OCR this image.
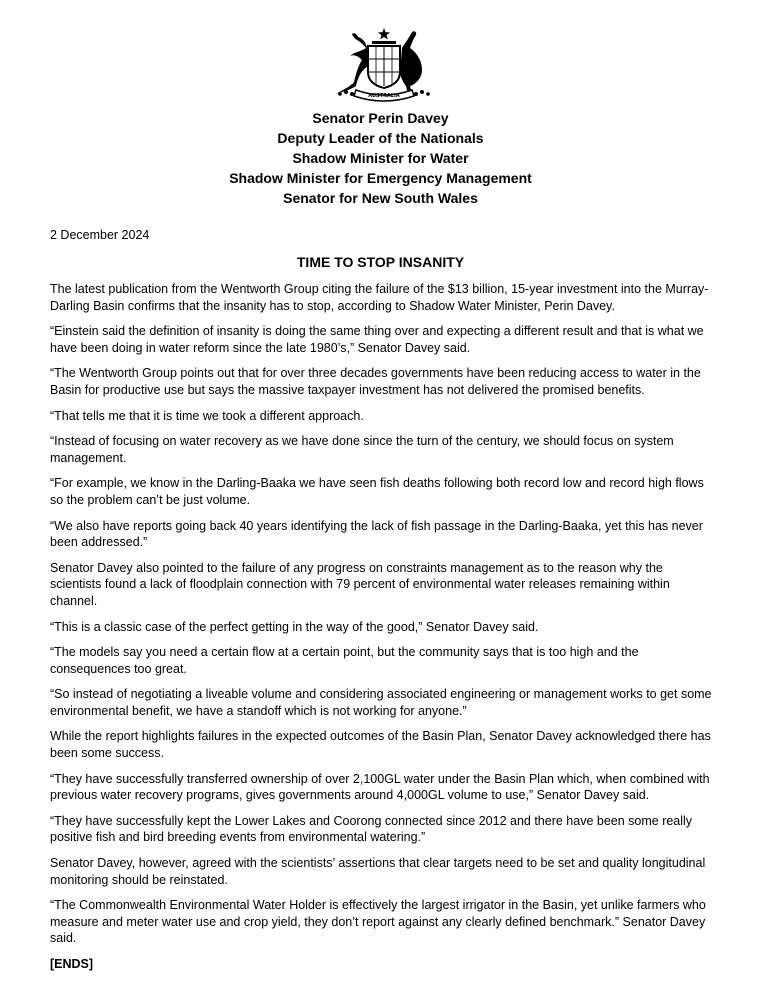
AUSTRALIA
Senator Perin Davey
Deputy Leader of the Nationals
Shadow Minister for Water
Shadow Minister for Emergency Management
Senator for New South Wales
2 December 2024
TIME TO STOP INSANITY

The latest publication from the Wentworth Group citing the failure of the $13 billion, 15-year investment into the Murray-Darling Basin confirms that the insanity has to stop, according to Shadow Water Minister, Perin Davey.

“Einstein said the definition of insanity is doing the same thing over and expecting a different result and that is what we have been doing in water reform since the late 1980’s,” Senator Davey said.

“The Wentworth Group points out that for over three decades governments have been reducing access to water in the Basin for productive use but says the massive taxpayer investment has not delivered the promised benefits.

“That tells me that it is time we took a different approach.

“Instead of focusing on water recovery as we have done since the turn of the century, we should focus on system management.

“For example, we know in the Darling-Baaka we have seen fish deaths following both record low and record high flows so the problem can’t be just volume.

“We also have reports going back 40 years identifying the lack of fish passage in the Darling-Baaka, yet this has never been addressed.”

Senator Davey also pointed to the failure of any progress on constraints management as to the reason why the scientists found a lack of floodplain connection with 79 percent of environmental water releases remaining within channel.

“This is a classic case of the perfect getting in the way of the good,” Senator Davey said.

“The models say you need a certain flow at a certain point, but the community says that is too high and the consequences too great.

“So instead of negotiating a liveable volume and considering associated engineering or management works to get some environmental benefit, we have a standoff which is not working for anyone.”

While the report highlights failures in the expected outcomes of the Basin Plan, Senator Davey acknowledged there has been some success.

“They have successfully transferred ownership of over 2,100GL water under the Basin Plan which, when combined with previous water recovery programs, gives governments around 4,000GL volume to use,” Senator Davey said.

“They have successfully kept the Lower Lakes and Coorong connected since 2012 and there have been some really positive fish and bird breeding events from environmental watering.”

Senator Davey, however, agreed with the scientists’ assertions that clear targets need to be set and quality longitudinal monitoring should be reinstated.

“The Commonwealth Environmental Water Holder is effectively the largest irrigator in the Basin, yet unlike farmers who measure and meter water use and crop yield, they don’t report against any clearly defined benchmark.” Senator Davey said.

[ENDS]
